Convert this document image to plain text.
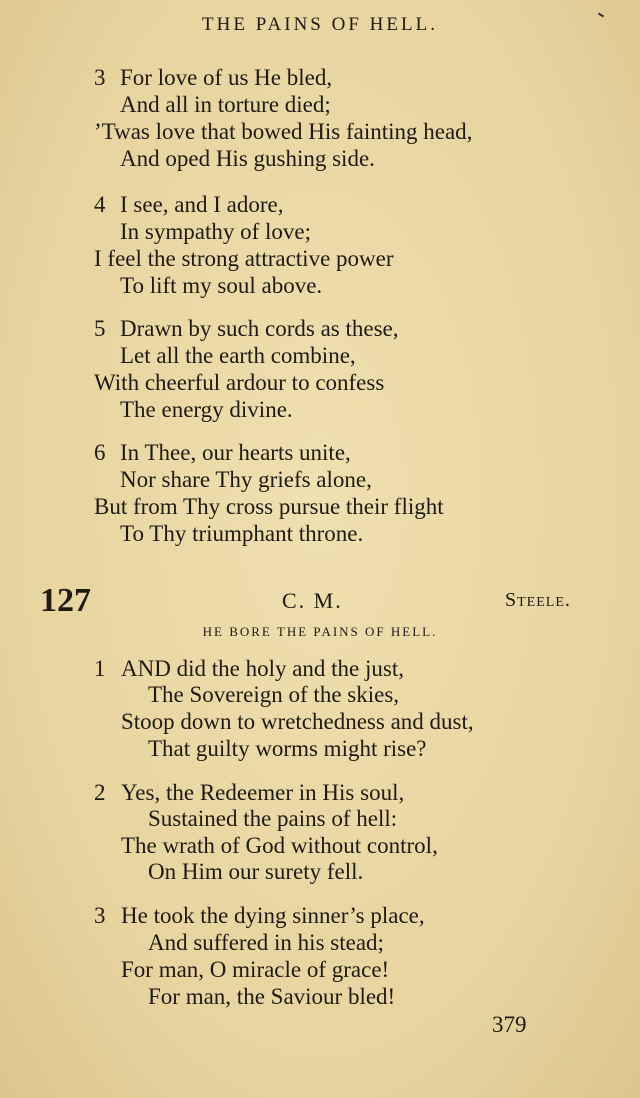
THE PAINS OF HELL.
3 For love of us He bled,
And all in torture died;
’Twas love that bowed His fainting head,
And oped His gushing side.
4 I see, and I adore,
In sympathy of love;
I feel the strong attractive power
To lift my soul above.
5 Drawn by such cords as these,
Let all the earth combine,
With cheerful ardour to confess
The energy divine.
6 In Thee, our hearts unite,
Nor share Thy griefs alone,
But from Thy cross pursue their flight
To Thy triumphant throne.
127	C. M.	Steele.
HE BORE THE PAINS OF HELL.
1 AND did the holy and the just,
The Sovereign of the skies,
Stoop down to wretchedness and dust,
That guilty worms might rise?
2 Yes, the Redeemer in His soul,
Sustained the pains of hell:
The wrath of God without control,
On Him our surety fell.
3 He took the dying sinner’s place,
And suffered in his stead;
For man, O miracle of grace!
For man, the Saviour bled!
379
